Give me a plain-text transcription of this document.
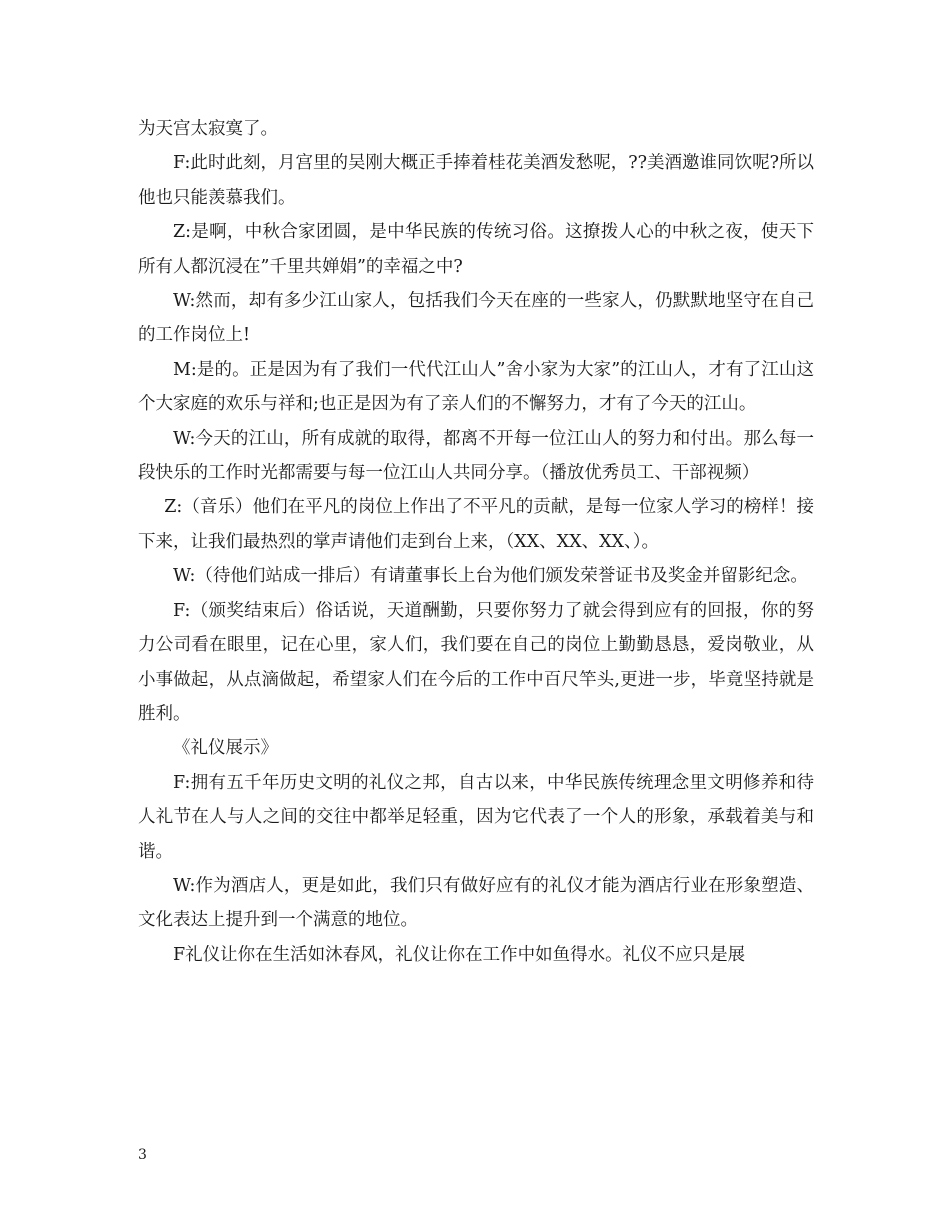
为天宫太寂寞了。

F:此时此刻，月宫里的吴刚大概正手捧着桂花美酒发愁呢，??美酒邀谁同饮呢?所以他也只能羡慕我们。

Z:是啊，中秋合家团圆，是中华民族的传统习俗。这撩拨人心的中秋之夜，使天下所有人都沉浸在”千里共婵娟”的幸福之中?

W:然而，却有多少江山家人，包括我们今天在座的一些家人，仍默默地坚守在自己的工作岗位上!

M:是的。正是因为有了我们一代代江山人”舍小家为大家”的江山人，才有了江山这个大家庭的欢乐与祥和;也正是因为有了亲人们的不懈努力，才有了今天的江山。

W:今天的江山，所有成就的取得，都离不开每一位江山人的努力和付出。那么每一段快乐的工作时光都需要与每一位江山人共同分享。（播放优秀员工、干部视频）

Z:（音乐）他们在平凡的岗位上作出了不平凡的贡献，是每一位家人学习的榜样！接下来，让我们最热烈的掌声请他们走到台上来，（XX、XX、XX、）。

W:（待他们站成一排后）有请董事长上台为他们颁发荣誉证书及奖金并留影纪念。

F:（颁奖结束后）俗话说，天道酬勤，只要你努力了就会得到应有的回报，你的努力公司看在眼里，记在心里，家人们，我们要在自己的岗位上勤勤恳恳，爱岗敬业，从小事做起，从点滴做起，希望家人们在今后的工作中百尺竿头,更进一步，毕竟坚持就是胜利。

《礼仪展示》

F:拥有五千年历史文明的礼仪之邦，自古以来，中华民族传统理念里文明修养和待人礼节在人与人之间的交往中都举足轻重，因为它代表了一个人的形象，承载着美与和谐。

W:作为酒店人，更是如此，我们只有做好应有的礼仪才能为酒店行业在形象塑造、文化表达上提升到一个满意的地位。

F礼仪让你在生活如沐春风，礼仪让你在工作中如鱼得水。礼仪不应只是展

3
